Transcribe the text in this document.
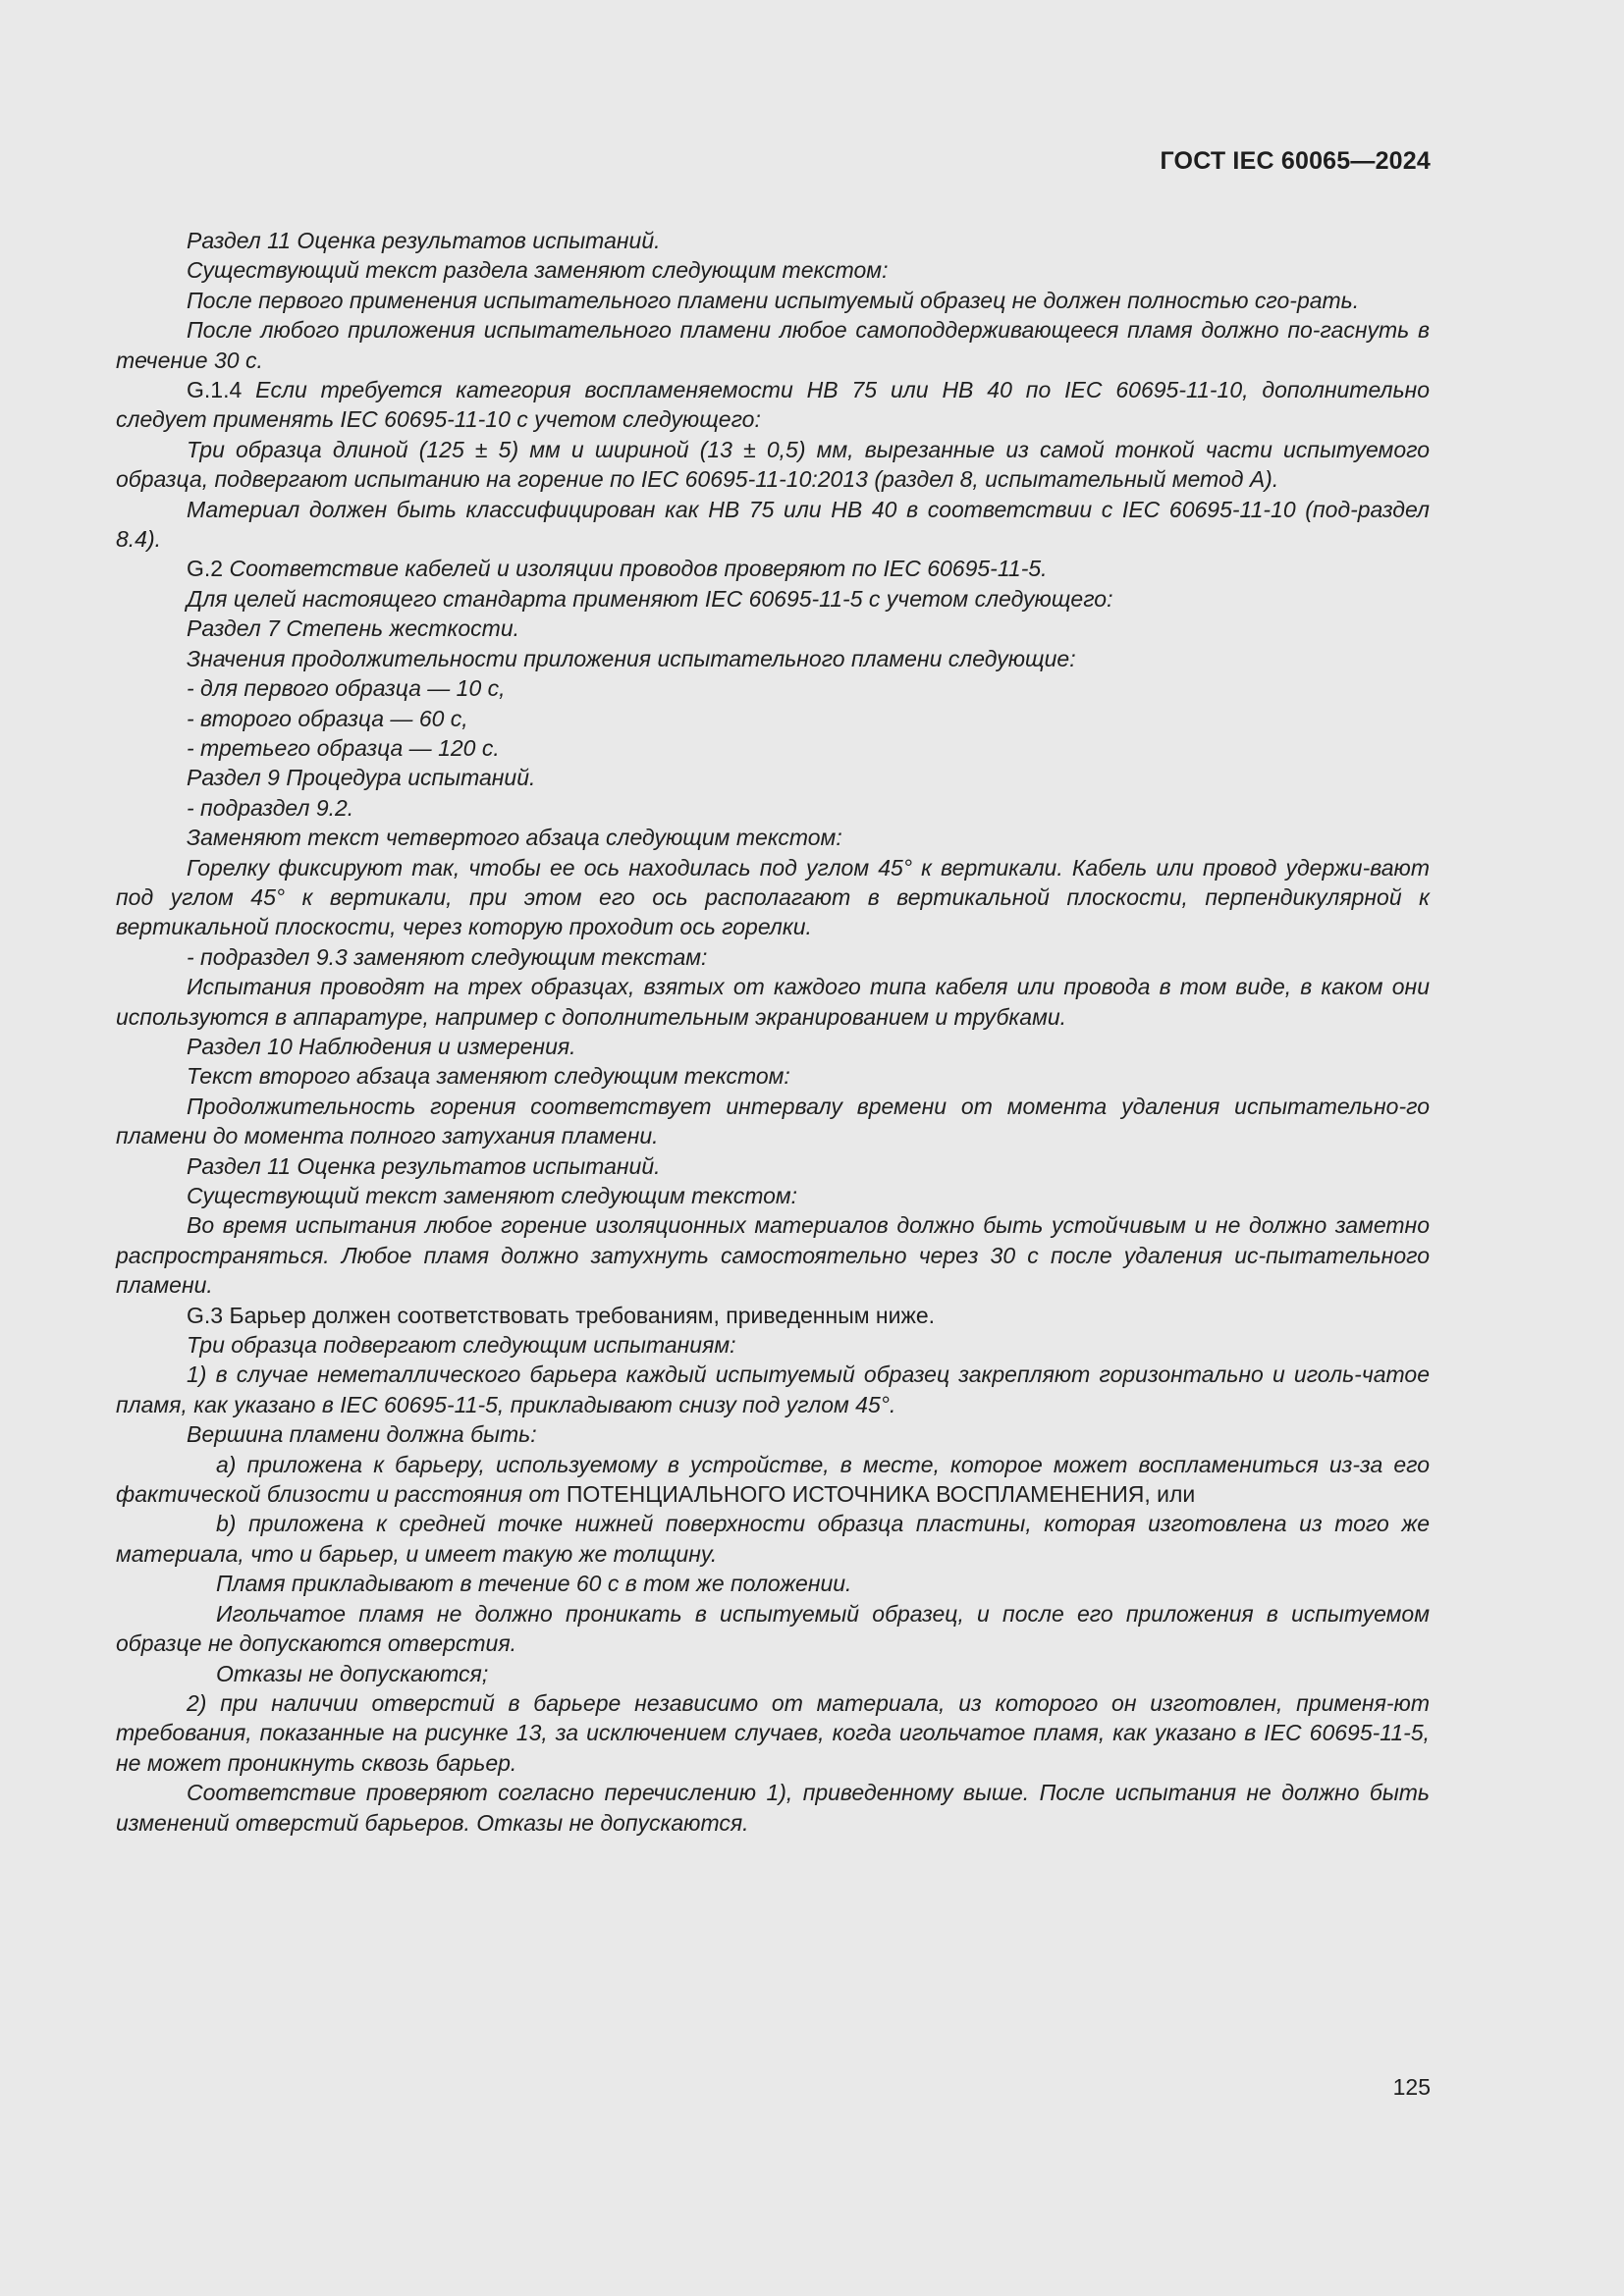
ГОСТ IEC 60065—2024

Раздел 11 Оценка результатов испытаний.

Существующий текст раздела заменяют следующим текстом:

После первого применения испытательного пламени испытуемый образец не должен полностью сго-рать.

После любого приложения испытательного пламени любое самоподдерживающееся пламя должно по-гаснуть в течение 30 с.

G.1.4 Если требуется категория воспламеняемости НВ 75 или НВ 40 по IEC 60695-11-10, дополнительно следует применять IEC 60695-11-10 с учетом следующего:

Три образца длиной (125 ± 5) мм и шириной (13 ± 0,5) мм, вырезанные из самой тонкой части испытуемого образца, подвергают испытанию на горение по IEC 60695-11-10:2013 (раздел 8, испытательный метод А).

Материал должен быть классифицирован как НВ 75 или НВ 40 в соответствии с IEC 60695-11-10 (под-раздел 8.4).

G.2 Соответствие кабелей и изоляции проводов проверяют по IEC 60695-11-5.

Для целей настоящего стандарта применяют IEC 60695-11-5 с учетом следующего:

Раздел 7 Степень жесткости.

Значения продолжительности приложения испытательного пламени следующие:

- для первого образца — 10 с,

- второго образца — 60 с,

- третьего образца — 120 с.

Раздел 9 Процедура испытаний.

- подраздел 9.2.

Заменяют текст четвертого абзаца следующим текстом:

Горелку фиксируют так, чтобы ее ось находилась под углом 45° к вертикали. Кабель или провод удержи-вают под углом 45° к вертикали, при этом его ось располагают в вертикальной плоскости, перпендикулярной к вертикальной плоскости, через которую проходит ось горелки.

- подраздел 9.3 заменяют следующим текстам:

Испытания проводят на трех образцах, взятых от каждого типа кабеля или провода в том виде, в каком они используются в аппаратуре, например с дополнительным экранированием и трубками.

Раздел 10 Наблюдения и измерения.

Текст второго абзаца заменяют следующим текстом:

Продолжительность горения соответствует интервалу времени от момента удаления испытательно-го пламени до момента полного затухания пламени.

Раздел 11 Оценка результатов испытаний.

Существующий текст заменяют следующим текстом:

Во время испытания любое горение изоляционных материалов должно быть устойчивым и не должно заметно распространяться. Любое пламя должно затухнуть самостоятельно через 30 с после удаления ис-пытательного пламени.

G.3 Барьер должен соответствовать требованиям, приведенным ниже.

Три образца подвергают следующим испытаниям:

1) в случае неметаллического барьера каждый испытуемый образец закрепляют горизонтально и иголь-чатое пламя, как указано в IEC 60695-11-5, прикладывают снизу под углом 45°.

Вершина пламени должна быть:

а) приложена к барьеру, используемому в устройстве, в месте, которое может воспламениться из-за его фактической близости и расстояния от ПОТЕНЦИАЛЬНОГО ИСТОЧНИКА ВОСПЛАМЕНЕНИЯ, или

b) приложена к средней точке нижней поверхности образца пластины, которая изготовлена из того же материала, что и барьер, и имеет такую же толщину.

Пламя прикладывают в течение 60 с в том же положении.

Игольчатое пламя не должно проникать в испытуемый образец, и после его приложения в испытуемом образце не допускаются отверстия.

Отказы не допускаются;

2) при наличии отверстий в барьере независимо от материала, из которого он изготовлен, применя-ют требования, показанные на рисунке 13, за исключением случаев, когда игольчатое пламя, как указано в IEC 60695-11-5, не может проникнуть сквозь барьер.

Соответствие проверяют согласно перечислению 1), приведенному выше. После испытания не должно быть изменений отверстий барьеров. Отказы не допускаются.

125
